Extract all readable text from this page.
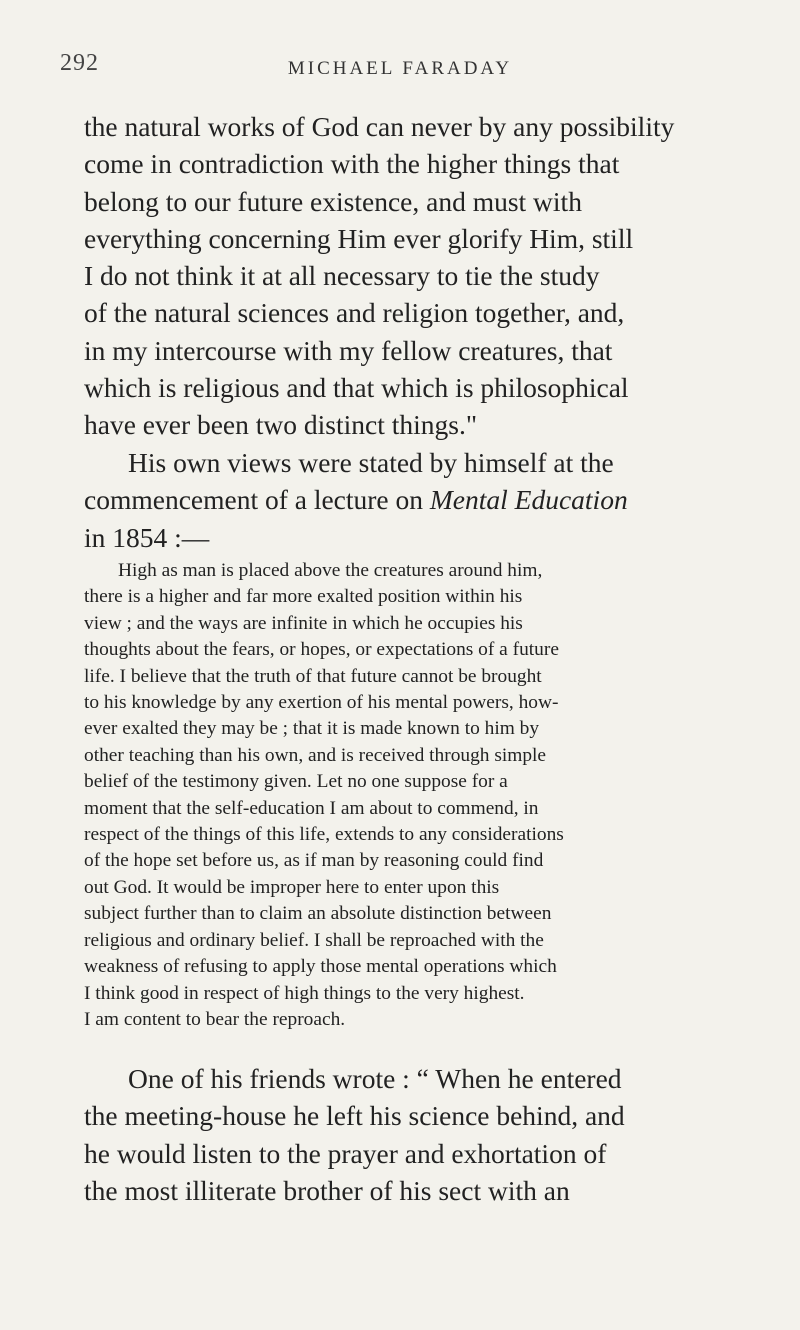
292	MICHAEL FARADAY

the natural works of God can never by any possibility
come in contradiction with the higher things that
belong to our future existence, and must with
everything concerning Him ever glorify Him, still
I do not think it at all necessary to tie the study
of the natural sciences and religion together, and,
in my intercourse with my fellow creatures, that
which is religious and that which is philosophical
have ever been two distinct things."

His own views were stated by himself at the
commencement of a lecture on Mental Education
in 1854 :—

High as man is placed above the creatures around him,
there is a higher and far more exalted position within his
view ; and the ways are infinite in which he occupies his
thoughts about the fears, or hopes, or expectations of a future
life. I believe that the truth of that future cannot be brought
to his knowledge by any exertion of his mental powers, how-
ever exalted they may be ; that it is made known to him by
other teaching than his own, and is received through simple
belief of the testimony given. Let no one suppose for a
moment that the self-education I am about to commend, in
respect of the things of this life, extends to any considerations
of the hope set before us, as if man by reasoning could find
out God. It would be improper here to enter upon this
subject further than to claim an absolute distinction between
religious and ordinary belief. I shall be reproached with the
weakness of refusing to apply those mental operations which
I think good in respect of high things to the very highest.
I am content to bear the reproach.

One of his friends wrote : “ When he entered
the meeting-house he left his science behind, and
he would listen to the prayer and exhortation of
the most illiterate brother of his sect with an
